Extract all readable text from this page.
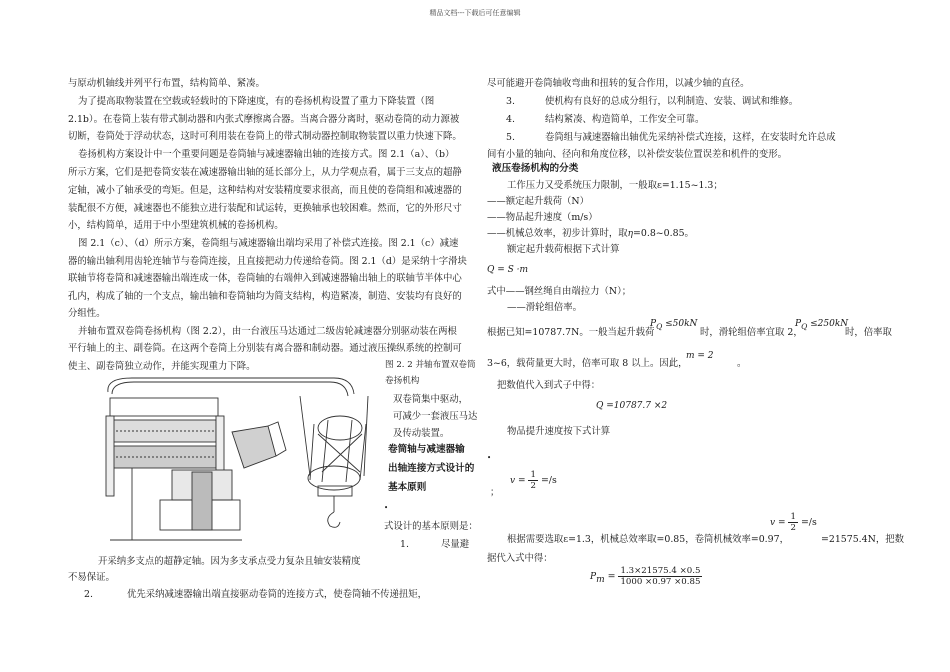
精品文档---下载后可任意编辑
与原动机轴线并列平行布置，结构简单、紧凑。
为了提高取物装置在空载或轻载时的下降速度，有的卷扬机构设置了重力下降装置（图
2.1b）。在卷筒上装有带式制动器和内张式摩擦离合器。当离合器分离时，驱动卷筒的动力源被
切断，卷筒处于浮动状态，这时可利用装在卷筒上的带式制动器控制取物装置以重力快速下降。
卷扬机构方案设计中一个重要问题是卷筒轴与减速器输出轴的连接方式。图 2.1（a）、（b）
所示方案，它们是把卷筒安装在减速器输出轴的延长部分上，从力学观点看，属于三支点的超静
定轴，减小了轴承受的弯矩。但是，这种结构对安装精度要求很高，而且使的卷筒组和减速器的
装配很不方便，减速器也不能独立进行装配和试运转，更换轴承也较困难。然而，它的外形尺寸
小，结构简单，适用于中小型建筑机械的卷扬机构。
图 2.1（c）、（d）所示方案，卷筒组与减速器输出端均采用了补偿式连接。图 2.1（c）减速
器的输出轴利用齿轮连轴节与卷筒连接，且直接把动力传递给卷筒。图 2.1（d）是采纳十字滑块
联轴节将卷筒和减速器输出端连成一体，卷筒轴的右端伸入到减速器输出轴上的联轴节半体中心
孔内，构成了轴的一个支点，输出轴和卷筒轴均为简支结构，构造紧凑，制造、安装均有良好的
分组性。
并轴布置双卷筒卷扬机构（图 2.2），由一台液压马达通过二级齿轮减速器分别驱动装在两根
平行轴上的主、副卷筒。在这两个卷筒上分别装有离合器和制动器。通过液压操纵系统的控制可
使主、副卷筒独立动作，并能实现重力下降。	图 2. 2 并轴布置双卷筒
卷扬机构
双卷筒集中驱动，
可减少一套液压马达
及传动装置。
卷筒轴与减速器输
出轴连接方式设计的
基本原则
•
式设计的基本原则是：
1.	尽量避
开采纳多支点的超静定轴。因为多支承点受力复杂且轴安装精度
不易保证。
2.	优先采纳减速器输出端直接驱动卷筒的连接方式，使卷筒轴不传递扭矩，
尽可能避开卷筒轴收弯曲和扭转的复合作用，以减少轴的直径。
3.	使机构有良好的总成分组行，以利制造、安装、调试和维修。
4.	结构紧凑、构造简单，工作安全可靠。
5.	卷筒组与减速器输出轴优先采纳补偿式连接，这样，在安装时允许总成
间有小量的轴向、径向和角度位移，以补偿安装位置误差和机件的变形。
液压卷扬机构的分类
工作压力又受系统压力限制，一般取ε=1.15~1.3；
——额定起升载荷（N）
——物品起升速度（m/s）
——机械总效率，初步计算时，取η=0.8~0.85。
额定起升载荷根据下式计算
Q = S ·m
式中——钢丝绳自由端拉力（N）；
——滑轮组倍率。
根据已知=10787.7N。一般当起升载荷
$P_Q \le 50kN$
时，滑轮组倍率宜取 2，
$P_Q \le 250kN$
时，倍率取
3~6，载荷量更大时，倍率可取 8 以上。因此，
m = 2
。
把数值代入到式子中得：
Q =10787.7 ×2
物品提升速度按下式计算
•
$v = \frac{1}{2} =/s$
；
根据需要选取ε=1.3，机械总效率取=0.85，卷筒机械效率=0.97，
$v = \frac{1}{2} =/s$
=21575.4N，把数
据代入式中得：
$P_m = \frac{1.3\times 21575.4 \times 0.5}{1000 \times 0.97 \times 0.85}$
